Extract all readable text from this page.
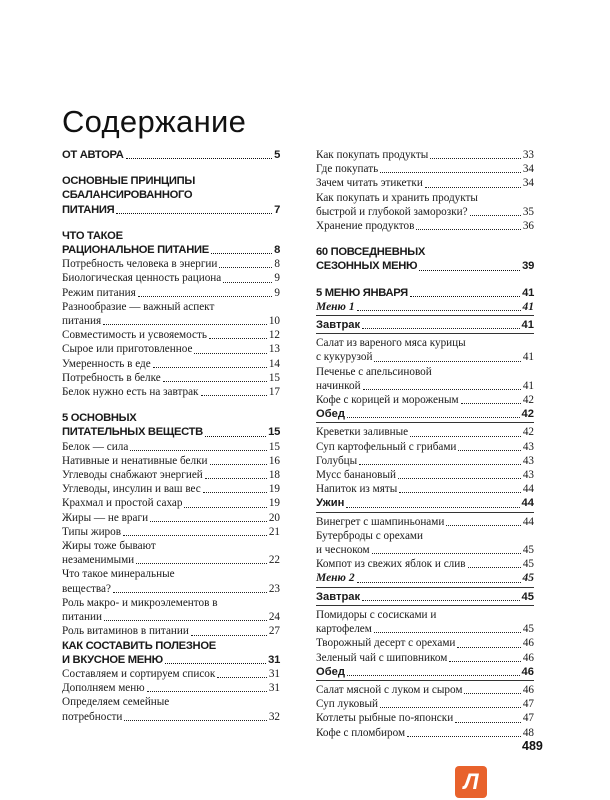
Содержание
ОТ АВТОРА	5
ОСНОВНЫЕ ПРИНЦИПЫ
СБАЛАНСИРОВАННОГО
ПИТАНИЯ	7
ЧТО ТАКОЕ
РАЦИОНАЛЬНОЕ ПИТАНИЕ	8
Потребность человека в энергии	8
Биологическая ценность рациона	9
Режим питания	9
Разнообразие — важный аспект
питания	10
Совместимость и усвояемость	12
Сырое или приготовленное	13
Умеренность в еде	14
Потребность в белке	15
Белок нужно есть на завтрак	17
5 ОСНОВНЫХ
ПИТАТЕЛЬНЫХ ВЕЩЕСТВ	15
Белок — сила	15
Нативные и ненативные белки	16
Углеводы снабжают энергией	18
Углеводы, инсулин и ваш вес	19
Крахмал и простой сахар	19
Жиры — не враги	20
Типы жиров	21
Жиры тоже бывают
незаменимыми	22
Что такое минеральные
вещества?	23
Роль макро- и микроэлементов в
питании	24
Роль витаминов в питании	27
КАК СОСТАВИТЬ ПОЛЕЗНОЕ
И ВКУСНОЕ МЕНЮ	31
Составляем и сортируем список	31
Дополняем меню	31
Определяем семейные
потребности	32
Как покупать продукты	33
Где покупать	34
Зачем читать этикетки	34
Как покупать и хранить продукты
быстрой и глубокой заморозки?	35
Хранение продуктов	36
60 ПОВСЕДНЕВНЫХ
СЕЗОННЫХ МЕНЮ	39
5 МЕНЮ ЯНВАРЯ	41
Меню 1	41
Завтрак	41
Салат из вареного мяса курицы
с кукурузой	41
Печенье с апельсиновой
начинкой	41
Кофе с корицей и мороженым	42
Обед	42
Креветки заливные	42
Суп картофельный с грибами	43
Голубцы	43
Мусс банановый	43
Напиток из мяты	44
Ужин	44
Винегрет с шампиньонами	44
Бутерброды с орехами
и чесноком	45
Компот из свежих яблок и слив	45
Меню 2	45
Завтрак	45
Помидоры с сосисками и
картофелем	45
Творожный десерт с орехами	46
Зеленый чай с шиповником	46
Обед	46
Салат мясной с луком и сыром	46
Суп луковый	47
Котлеты рыбные по-японски	47
Кофе с пломбиром	48
489
Л
